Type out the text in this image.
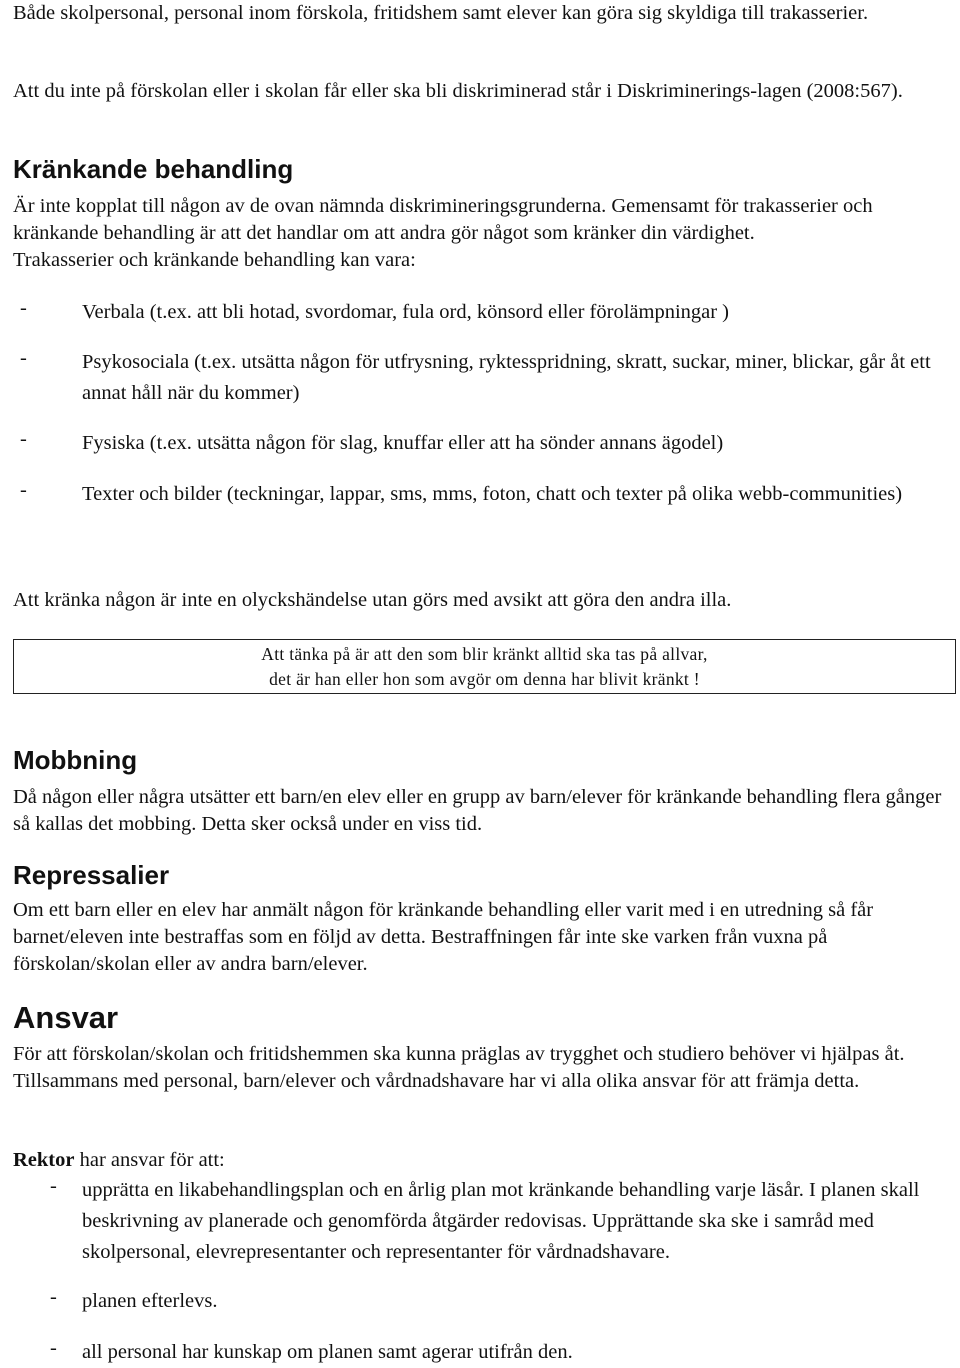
Både skolpersonal, personal inom förskola, fritidshem samt elever kan göra sig skyldiga till trakasserier.

Att du inte på förskolan eller i skolan får eller ska bli diskriminerad står i Diskriminerings-lagen (2008:567).

Kränkande behandling

Är inte kopplat till någon av de ovan nämnda diskrimineringsgrunderna. Gemensamt för trakasserier och kränkande behandling är att det handlar om att andra gör något som kränker din värdighet.

Trakasserier och kränkande behandling kan vara:

-	Verbala (t.ex. att bli hotad, svordomar, fula ord, könsord eller förolämpningar )
-	Psykosociala (t.ex. utsätta någon för utfrysning, ryktesspridning, skratt, suckar, miner, blickar, går åt ett annat håll när du kommer)
-	Fysiska (t.ex. utsätta någon för slag, knuffar eller att ha sönder annans ägodel)
-	Texter och bilder (teckningar, lappar, sms, mms, foton, chatt och texter på olika webb-communities)

Att kränka någon är inte en olyckshändelse utan görs med avsikt att göra den andra illa.

Att tänka på är att den som blir kränkt alltid ska tas på allvar,
det är han eller hon som avgör om denna har blivit kränkt !
Mobbning

Då någon eller några utsätter ett barn/en elev eller en grupp av barn/elever för kränkande behandling flera gånger så kallas det mobbing. Detta sker också under en viss tid.

Repressalier

Om ett barn eller en elev har anmält någon för kränkande behandling eller varit med i en utredning så får barnet/eleven inte bestraffas som en följd av detta. Bestraffningen får inte ske varken från vuxna på förskolan/skolan eller av andra barn/elever.

Ansvar

För att förskolan/skolan och fritidshemmen ska kunna präglas av trygghet och studiero behöver vi hjälpas åt. Tillsammans med personal, barn/elever och vårdnadshavare har vi alla olika ansvar för att främja detta.

Rektor har ansvar för att:

- upprätta en likabehandlingsplan och en årlig plan mot kränkande behandling varje läsår. I planen skall beskrivning av planerade och genomförda åtgärder redovisas. Upprättande ska ske i samråd med skolpersonal, elevrepresentanter och representanter för vårdnadshavare.
- planen efterlevs.
- all personal har kunskap om planen samt agerar utifrån den.
